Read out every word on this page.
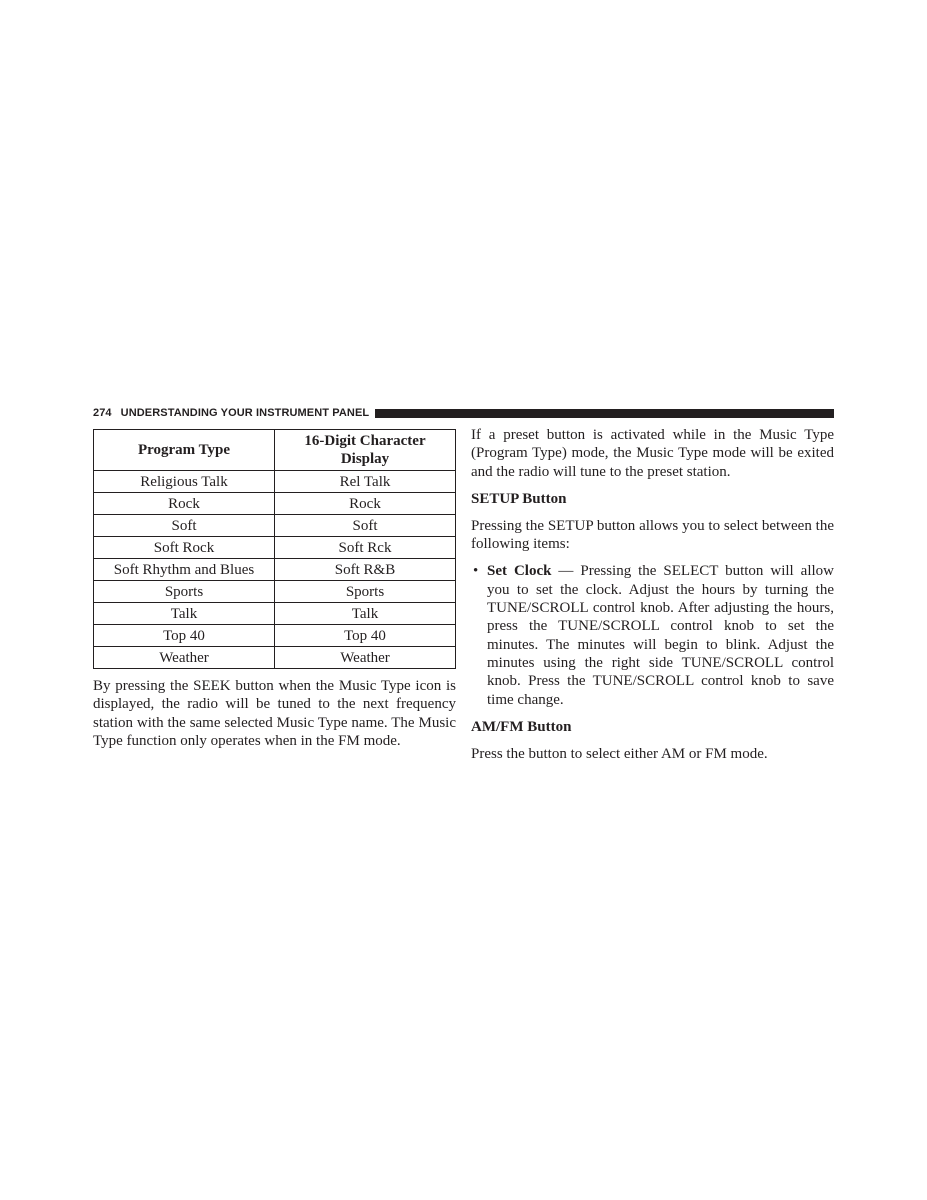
274 UNDERSTANDING YOUR INSTRUMENT PANEL
Program Type	16-Digit Character Display
Religious Talk	Rel Talk
Rock	Rock
Soft	Soft
Soft Rock	Soft Rck
Soft Rhythm and Blues	Soft R&B
Sports	Sports
Talk	Talk
Top 40	Top 40
Weather	Weather

By pressing the SEEK button when the Music Type icon is displayed, the radio will be tuned to the next frequency station with the same selected Music Type name. The Music Type function only operates when in the FM mode.

If a preset button is activated while in the Music Type (Program Type) mode, the Music Type mode will be exited and the radio will tune to the preset station.

SETUP Button

Pressing the SETUP button allows you to select between the following items:

• Set Clock — Pressing the SELECT button will allow you to set the clock. Adjust the hours by turning the TUNE/SCROLL control knob. After adjusting the hours, press the TUNE/SCROLL control knob to set the minutes. The minutes will begin to blink. Adjust the minutes using the right side TUNE/SCROLL control knob. Press the TUNE/SCROLL control knob to save time change.
AM/FM Button

Press the button to select either AM or FM mode.
